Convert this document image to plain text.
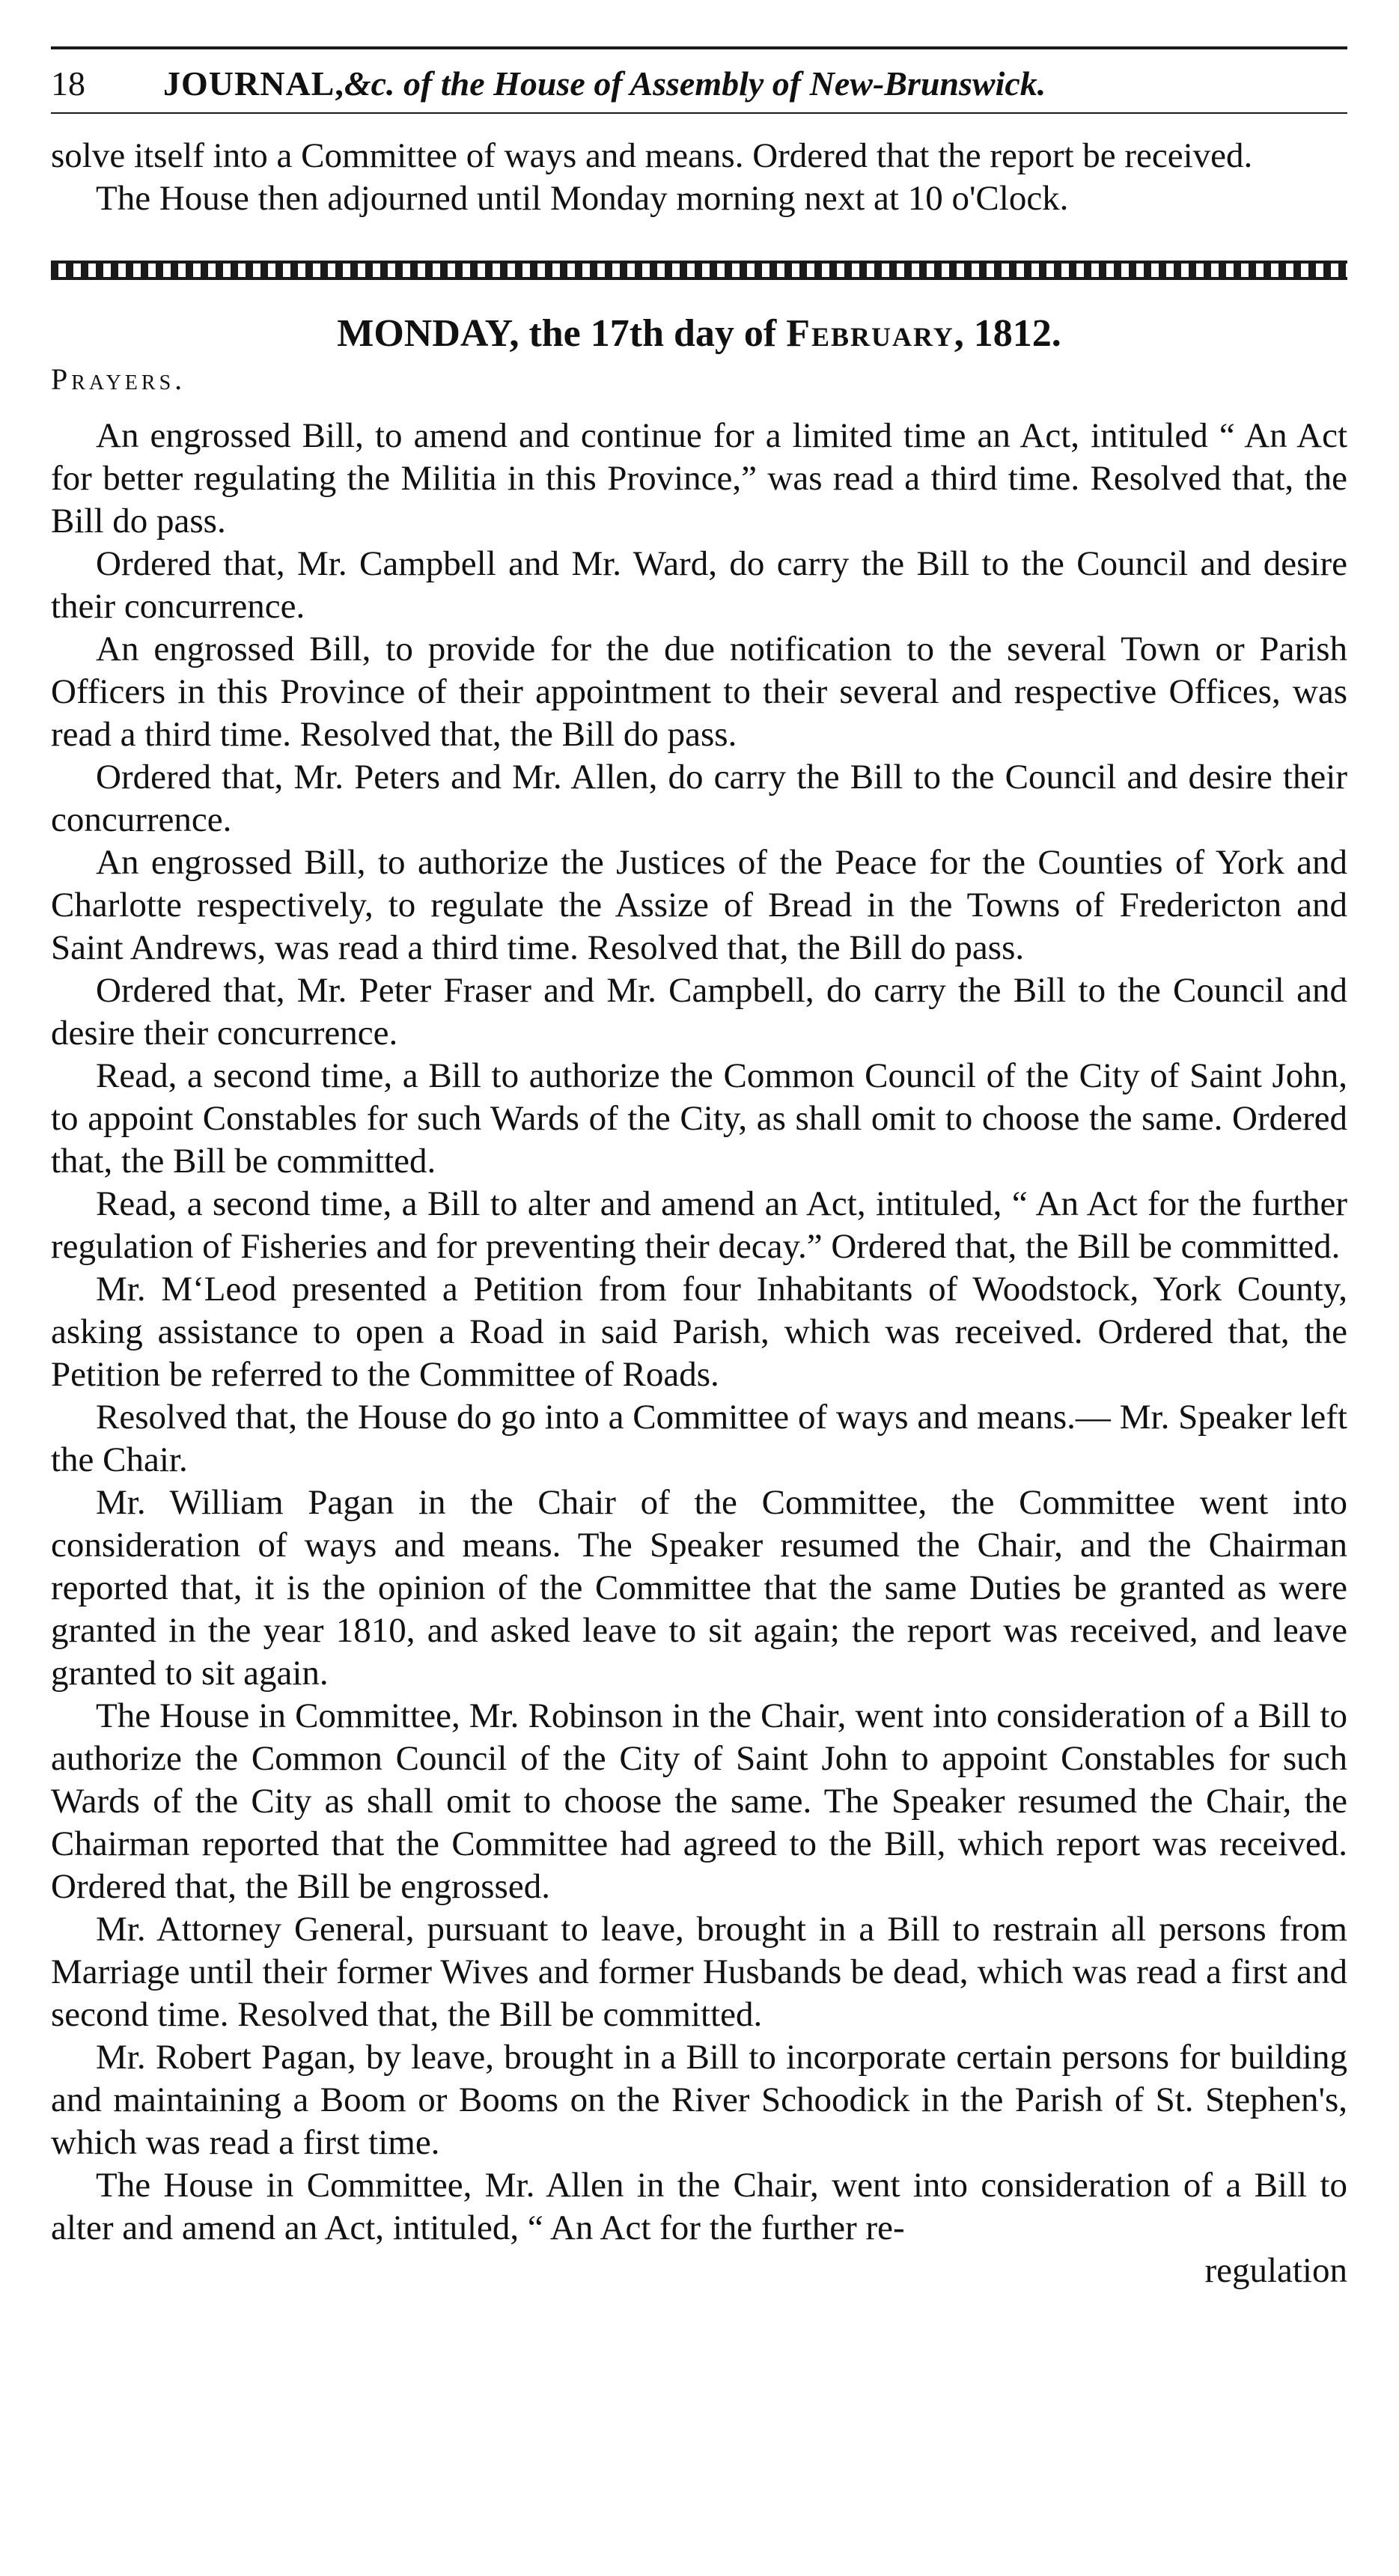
18	JOURNAL, &c. of the House of Assembly of New-Brunswick.

solve itself into a Committee of ways and means. Ordered that the report be received.

The House then adjourned until Monday morning next at 10 o'Clock.

MONDAY, the 17th day of February, 1812.
Prayers.

An engrossed Bill, to amend and continue for a limited time an Act, intituled “ An Act for better regulating the Militia in this Province,” was read a third time. Resolved that, the Bill do pass.

Ordered that, Mr. Campbell and Mr. Ward, do carry the Bill to the Council and desire their concurrence.

An engrossed Bill, to provide for the due notification to the several Town or Parish Officers in this Province of their appointment to their several and respective Offices, was read a third time. Resolved that, the Bill do pass.

Ordered that, Mr. Peters and Mr. Allen, do carry the Bill to the Council and desire their concurrence.

An engrossed Bill, to authorize the Justices of the Peace for the Counties of York and Charlotte respectively, to regulate the Assize of Bread in the Towns of Fredericton and Saint Andrews, was read a third time. Resolved that, the Bill do pass.

Ordered that, Mr. Peter Fraser and Mr. Campbell, do carry the Bill to the Council and desire their concurrence.

Read, a second time, a Bill to authorize the Common Council of the City of Saint John, to appoint Constables for such Wards of the City, as shall omit to choose the same. Ordered that, the Bill be committed.

Read, a second time, a Bill to alter and amend an Act, intituled, “ An Act for the further regulation of Fisheries and for preventing their decay.” Ordered that, the Bill be committed.

Mr. M‘Leod presented a Petition from four Inhabitants of Woodstock, York County, asking assistance to open a Road in said Parish, which was received. Ordered that, the Petition be referred to the Committee of Roads.

Resolved that, the House do go into a Committee of ways and means.— Mr. Speaker left the Chair.

Mr. William Pagan in the Chair of the Committee, the Committee went into consideration of ways and means. The Speaker resumed the Chair, and the Chairman reported that, it is the opinion of the Committee that the same Duties be granted as were granted in the year 1810, and asked leave to sit again; the report was received, and leave granted to sit again.

The House in Committee, Mr. Robinson in the Chair, went into consideration of a Bill to authorize the Common Council of the City of Saint John to appoint Constables for such Wards of the City as shall omit to choose the same. The Speaker resumed the Chair, the Chairman reported that the Committee had agreed to the Bill, which report was received. Ordered that, the Bill be engrossed.

Mr. Attorney General, pursuant to leave, brought in a Bill to restrain all persons from Marriage until their former Wives and former Husbands be dead, which was read a first and second time. Resolved that, the Bill be committed.

Mr. Robert Pagan, by leave, brought in a Bill to incorporate certain persons for building and maintaining a Boom or Booms on the River Schoodick in the Parish of St. Stephen's, which was read a first time.

The House in Committee, Mr. Allen in the Chair, went into consideration of a Bill to alter and amend an Act, intituled, “ An Act for the further re-

regulation
